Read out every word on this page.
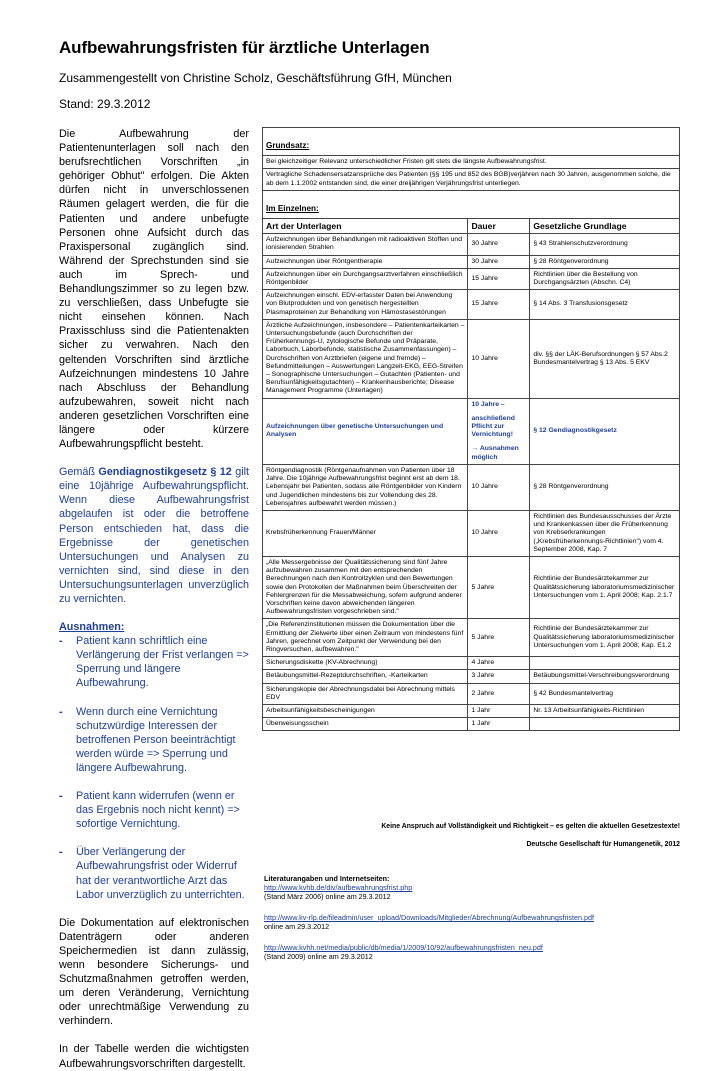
Aufbewahrungsfristen für ärztliche Unterlagen
Zusammengestellt von Christine Scholz, Geschäftsführung GfH, München
Stand: 29.3.2012

Die Aufbewahrung der Patientenunterlagen soll nach den berufsrechtlichen Vorschriften „in gehöriger Obhut" erfolgen. Die Akten dürfen nicht in unverschlossenen Räumen gelagert werden, die für die Patienten und andere unbefugte Personen ohne Aufsicht durch das Praxispersonal zugänglich sind. Während der Sprechstunden sind sie auch im Sprech- und Behandlungszimmer so zu legen bzw. zu verschließen, dass Unbefugte sie nicht einsehen können. Nach Praxisschluss sind die Patientenakten sicher zu verwahren. Nach den geltenden Vorschriften sind ärztliche Aufzeichnungen mindestens 10 Jahre nach Abschluss der Behandlung aufzubewahren, soweit nicht nach anderen gesetzlichen Vorschriften eine längere oder kürzere Aufbewahrungspflicht besteht.

Gemäß Gendiagnostikgesetz § 12 gilt eine 10jährige Aufbewahrungspflicht. Wenn diese Aufbewahrungsfrist abgelaufen ist oder die betroffene Person entschieden hat, dass die Ergebnisse der genetischen Untersuchungen und Analysen zu vernichten sind, sind diese in den Untersuchungsunterlagen unverzüglich zu vernichten.

Ausnahmen:
- Patient kann schriftlich eine Verlängerung der Frist verlangen => Sperrung und längere Aufbewahrung.
- Wenn durch eine Vernichtung schutzwürdige Interessen der betroffenen Person beeinträchtigt werden würde => Sperrung und längere Aufbewahrung.
- Patient kann widerrufen (wenn er das Ergebnis noch nicht kennt) => sofortige Vernichtung.
- Über Verlängerung der Aufbewahrungsfrist oder Widerruf hat der verantwortliche Arzt das Labor unverzüglich zu unterrichten.

Die Dokumentation auf elektronischen Datenträgern oder anderen Speichermedien ist dann zulässig, wenn besondere Sicherungs- und Schutzmaßnahmen getroffen werden, um deren Veränderung, Vernichtung oder unrechtmäßige Verwendung zu verhindern.

In der Tabelle werden die wichtigsten Aufbewahrungsvorschriften dargestellt.

Grundsatz:		
Bei gleichzeitiger Relevanz unterschiedlicher Fristen gilt stets die längste Aufbewahrungsfrist.		
Vertragliche Schadensersatzansprüche des Patienten (§§ 195 und 852 des BGB)verjähren nach 30 Jahren, ausgenommen solche, die ab dem 1.1.2002 entstanden sind, die einer dreijährigen Verjährungsfrist unterliegen.		
Im Einzelnen:		
Art der Unterlagen	Dauer	Gesetzliche Grundlage
Aufzeichnungen über Behandlungen mit radioaktiven Stoffen und ionisierenden Strahlen	30 Jahre	§ 43 Strahlenschutzverordnung
Aufzeichnungen über Röntgentherapie	30 Jahre	§ 28 Röntgenverordnung
Aufzeichnungen über ein Durchgangsarztverfahren einschließlich Röntgenbilder	15 Jahre	Richtlinien über die Bestellung von Durchgangsärzten (Abschn. C4)
Aufzeichnungen einschl. EDV-erfasster Daten bei Anwendung von Blutprodukten und von genetisch hergestellten Plasmaproteinen zur Behandlung von Hämostasestörungen	15 Jahre	§ 14 Abs. 3 Transfusionsgesetz
Ärztliche Aufzeichnungen, insbesondere – Patientenkarteikarten – Untersuchungsbefunde (auch Durchschriften der Früherkennungs-U, zytologische Befunde und Präparate, Laborbuch, Laborbefunde, statistische Zusammenfassungen) – Durchschriften von Arztbriefen (eigene und fremde) – Befundmitteilungen – Auswertungen Langzeit-EKG, EEG-Streifen – Sonographische Untersuchungen – Gutachten (Patienten- und Berufsunfähigkeitsgutachten) – Krankenhausberichte; Disease Management Programme (Unterlagen)	10 Jahre	div. §§ der LÄK-Berufsordnungen § 57 Abs.2 Bundesmantelvertrag § 13 Abs. 5 EKV
Aufzeichnungen über genetische Untersuchungen und Analysen	10 Jahre –
anschließend Pflicht zur Vernichtung!
→ Ausnahmen möglich	§ 12 Gendiagnostikgesetz
Röntgendiagnostik (Röntgenaufnahmen von Patienten über 18 Jahre. Die 10jährige Aufbewahrungsfrist beginnt erst ab dem 18. Lebensjahr bei Patienten, sodass alle Röntgenbilder von Kindern und Jugendlichen mindestens bis zur Vollendung des 28. Lebensjahres aufbewahrt werden müssen.)	10 Jahre	§ 28 Röntgenverordnung
Krebsfrüherkennung Frauen/Männer	10 Jahre	Richtlinien des Bundesausschusses der Ärzte und Krankenkassen über die Früherkennung von Krebserkrankungen („Krebsfrüherkennungs-Richtlinien") vom 4. September 2008, Kap. 7
„Alle Messergebnisse der Qualitätssicherung sind fünf Jahre aufzubewahren zusammen mit den entsprechenden Berechnungen nach den Kontrollzyklen und den Bewertungen sowie den Protokollen der Maßnahmen beim Überschreiten der Fehlergrenzen für die Messabweichung, sofern aufgrund anderer Vorschriften keine davon abweichenden längeren Aufbewahrungsfristen vorgeschrieben sind."	5 Jahre	Richtlinie der Bundesärztekammer zur Qualitätssicherung laboratoriumsmedizinischer Untersuchungen vom 1. April 2008; Kap. 2.1.7
„Die Referenzinstitutionen müssen die Dokumentation über die Ermittlung der Zielwerte über einen Zeitraum von mindestens fünf Jahren, gerechnet vom Zeitpunkt der Verwendung bei den Ringversuchen, aufbewahren."	5 Jahre	Richtlinie der Bundesärztekammer zur Qualitätssicherung laboratoriumsmedizinischer Untersuchungen vom 1. April 2008; Kap. E1.2
Sicherungsdiskette (KV-Abrechnung)	4 Jahre	
Betäubungsmittel-Rezeptdurchschriften, -Karteikarten	3 Jahre	Betäubungsmittel-Verschreibungsverordnung
Sicherungskopie der Abrechnungsdatei bei Abrechnung mittels EDV	2 Jahre	§ 42 Bundesmantelvertrag
Arbeitsunfähigkeitsbescheinigungen	1 Jahr	Nr. 13 Arbeitsunfähigkeits-Richtlinien
Überweisungsschein	1 Jahr	
Keine Anspruch auf Vollständigkeit und Richtigkeit – es gelten die aktuellen Gesetzestexte!
Deutsche Gesellschaft für Humangenetik, 2012
Literaturangaben und Internetseiten:
http://www.kvhb.de/div/aufbewahrungsfrist.php
(Stand März 2006) online am 29.3.2012
http://www.kv-rlp.de/fileadmin/user_upload/Downloads/Mitglieder/Abrechnung/Aufbewahrungsfristen.pdf
online am 29.3.2012
http://www.kvhh.net/media/public/db/media/1/2009/10/92/aufbewahrungsfristen_neu.pdf
(Stand 2009) online am 29.3.2012
